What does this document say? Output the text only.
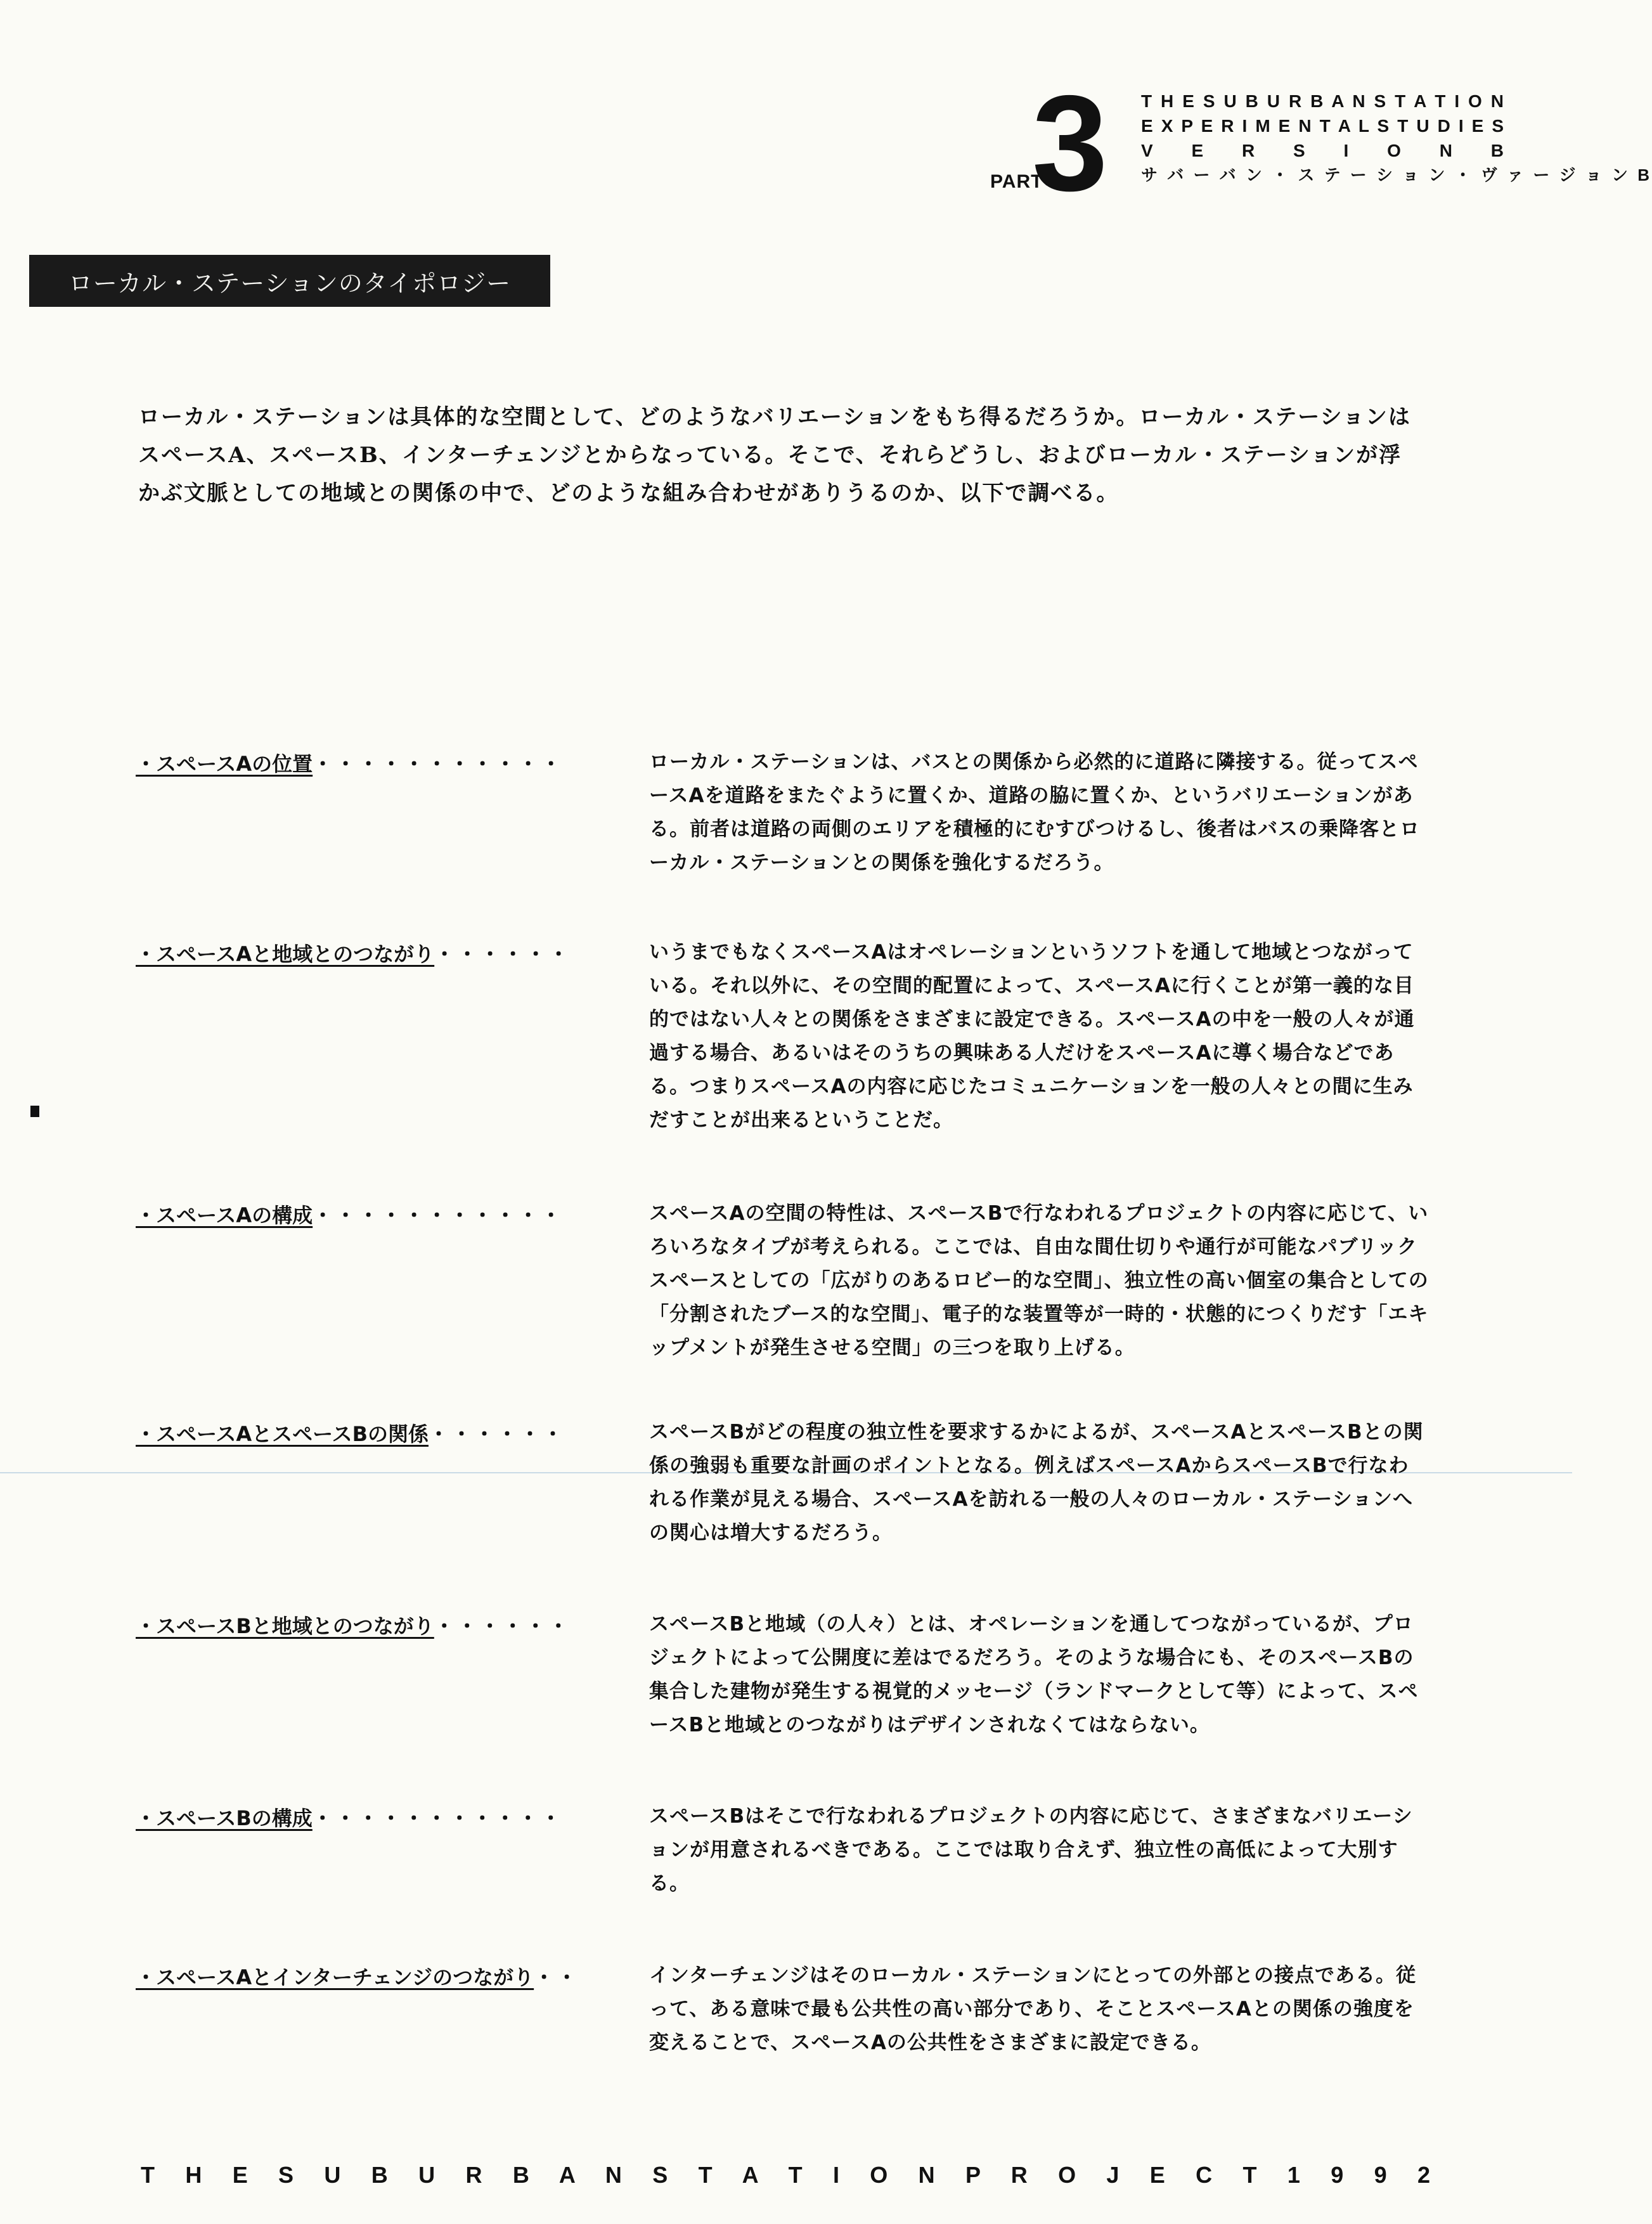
PART
3 T H E S U B U R B A N S T A T I O N
E X P E R I M E N T A L S T U D I E S
V E R S I O N B
サ バ ー バ ン ・ ス テ ー シ ョ ン ・ ヴ ァ ー ジ ョ ン B
ローカル・ステーションのタイポロジー
ローカル・ステーションは具体的な空間として、どのようなバリエーションをもち得るだろうか。ローカル・ステーションはスペースA、スペースB、インターチェンジとからなっている。そこで、それらどうし、およびローカル・ステーションが浮かぶ文脈としての地域との関係の中で、どのような組み合わせがありうるのか、以下で調べる。
・スペースAの位置・・・・・・・・・・・	ローカル・ステーションは、バスとの関係から必然的に道路に隣接する。従ってスペースAを道路をまたぐように置くか、道路の脇に置くか、というバリエーションがある。前者は道路の両側のエリアを積極的にむすびつけるし、後者はバスの乗降客とローカル・ステーションとの関係を強化するだろう。
・スペースAと地域とのつながり・・・・・・	いうまでもなくスペースAはオペレーションというソフトを通して地域とつながっている。それ以外に、その空間的配置によって、スペースAに行くことが第一義的な目的ではない人々との関係をさまざまに設定できる。スペースAの中を一般の人々が通過する場合、あるいはそのうちの興味ある人だけをスペースAに導く場合などである。つまりスペースAの内容に応じたコミュニケーションを一般の人々との間に生みだすことが出来るということだ。
・スペースAの構成・・・・・・・・・・・	スペースAの空間の特性は、スペースBで行なわれるプロジェクトの内容に応じて、いろいろなタイプが考えられる。ここでは、自由な間仕切りや通行が可能なパブリックスペースとしての「広がりのあるロビー的な空間」、独立性の高い個室の集合としての「分割されたブース的な空間」、電子的な装置等が一時的・状態的につくりだす「エキップメントが発生させる空間」の三つを取り上げる。
・スペースAとスペースBの関係・・・・・・	スペースBがどの程度の独立性を要求するかによるが、スペースAとスペースBとの関係の強弱も重要な計画のポイントとなる。例えばスペースAからスペースBで行なわれる作業が見える場合、スペースAを訪れる一般の人々のローカル・ステーションへの関心は増大するだろう。
・スペースBと地域とのつながり・・・・・・	スペースBと地域（の人々）とは、オペレーションを通してつながっているが、プロジェクトによって公開度に差はでるだろう。そのような場合にも、そのスペースBの集合した建物が発生する視覚的メッセージ（ランドマークとして等）によって、スペースBと地域とのつながりはデザインされなくてはならない。
・スペースBの構成・・・・・・・・・・・	スペースBはそこで行なわれるプロジェクトの内容に応じて、さまざまなバリエーションが用意されるべきである。ここでは取り合えず、独立性の高低によって大別する。
・スペースAとインターチェンジのつながり・・	インターチェンジはそのローカル・ステーションにとっての外部との接点である。従って、ある意味で最も公共性の高い部分であり、そことスペースAとの関係の強度を変えることで、スペースAの公共性をさまざまに設定できる。
T H E S U B U R B A N S T A T I O N P R O J E C T 1 9 9 2
